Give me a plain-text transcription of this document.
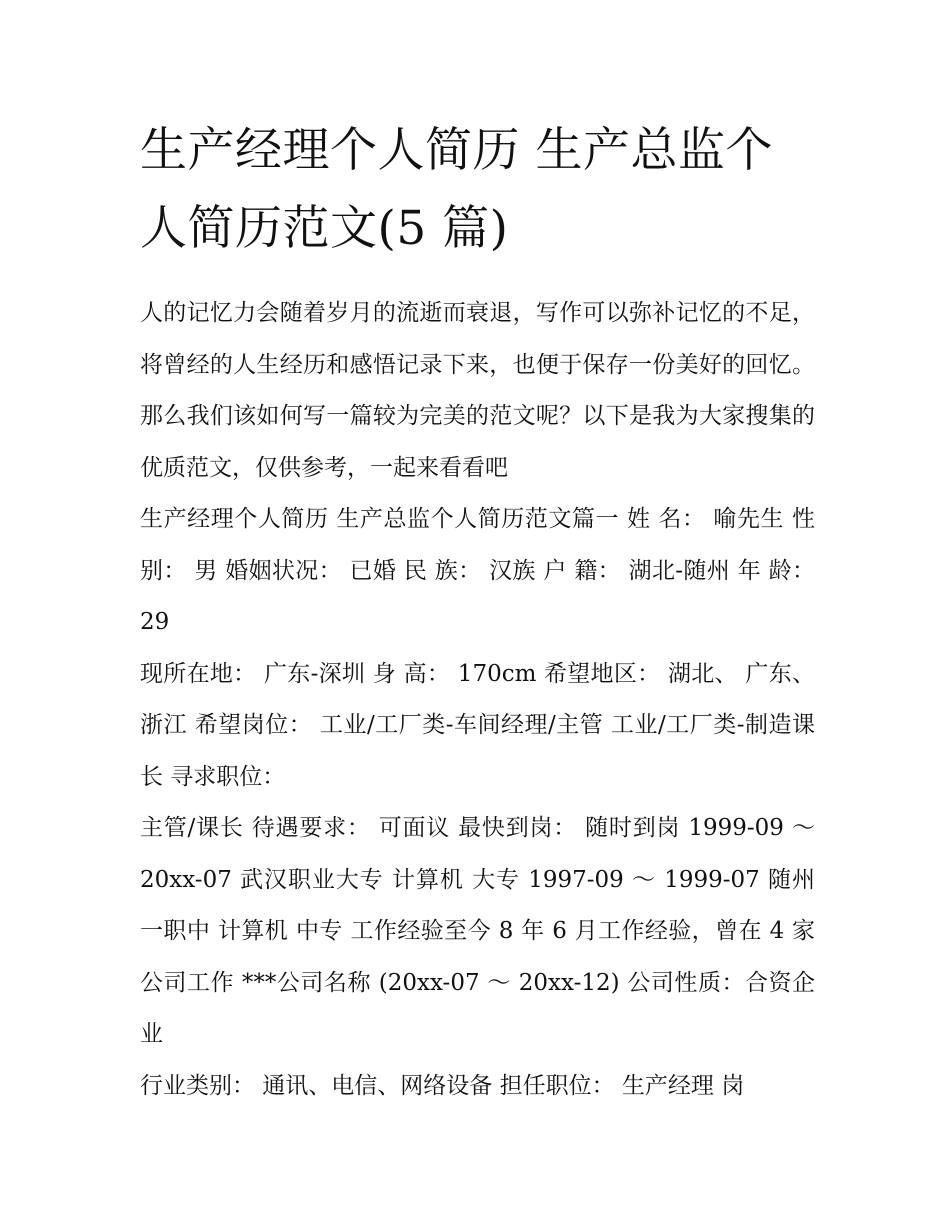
生产经理个人简历 生产总监个人简历范文(5 篇)

人的记忆力会随着岁月的流逝而衰退，写作可以弥补记忆的不足，将曾经的人生经历和感悟记录下来，也便于保存一份美好的回忆。那么我们该如何写一篇较为完美的范文呢？以下是我为大家搜集的优质范文，仅供参考，一起来看看吧

生产经理个人简历 生产总监个人简历范文篇一 姓 名： 喻先生 性 别： 男 婚姻状况： 已婚 民 族： 汉族 户 籍： 湖北-随州 年 龄： 29

现所在地： 广东-深圳 身 高： 170cm 希望地区： 湖北、 广东、 浙江 希望岗位： 工业/工厂类-车间经理/主管 工业/工厂类-制造课长 寻求职位：

主管/课长 待遇要求： 可面议 最快到岗： 随时到岗 1999-09 ～ 20xx-07 武汉职业大专 计算机 大专 1997-09 ～ 1999-07 随州一职中 计算机 中专 工作经验至今 8 年 6 月工作经验，曾在 4 家公司工作 ***公司名称 (20xx-07 ～ 20xx-12) 公司性质：合资企业

行业类别： 通讯、电信、网络设备 担任职位： 生产经理 岗
